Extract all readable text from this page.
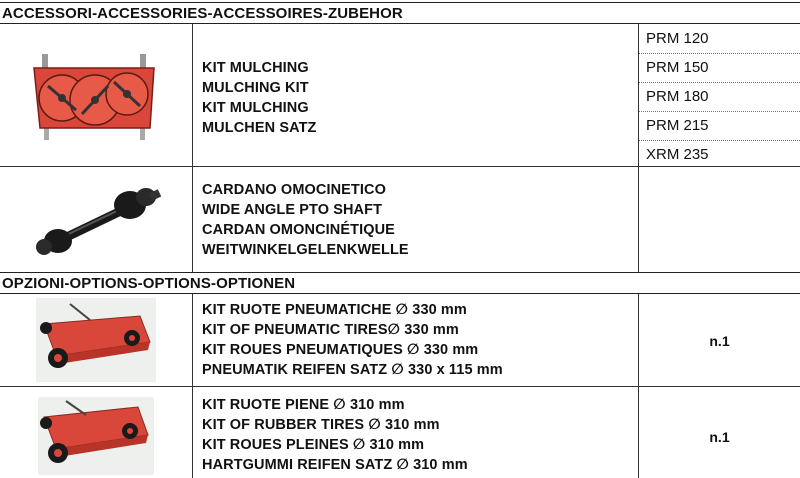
ACCESSORI-ACCESSORIES-ACCESSOIRES-ZUBEHOR
KIT MULCHING
MULCHING KIT
KIT MULCHING
MULCHEN SATZ
PRM 120
PRM 150
PRM 180
PRM 215
XRM 235
CARDANO OMOCINETICO
WIDE ANGLE PTO SHAFT
CARDAN OMONCINÉTIQUE
WEITWINKELGELENKWELLE
OPZIONI-OPTIONS-OPTIONS-OPTIONEN
KIT RUOTE PNEUMATICHE ∅ 330 mm
KIT OF PNEUMATIC TIRES∅ 330 mm
KIT ROUES PNEUMATIQUES ∅ 330 mm
PNEUMATIK REIFEN SATZ ∅ 330 x 115 mm
n.1
KIT RUOTE PIENE ∅ 310 mm
KIT OF RUBBER TIRES ∅ 310 mm
KIT ROUES PLEINES ∅ 310 mm
HARTGUMMI REIFEN SATZ ∅ 310 mm
n.1
